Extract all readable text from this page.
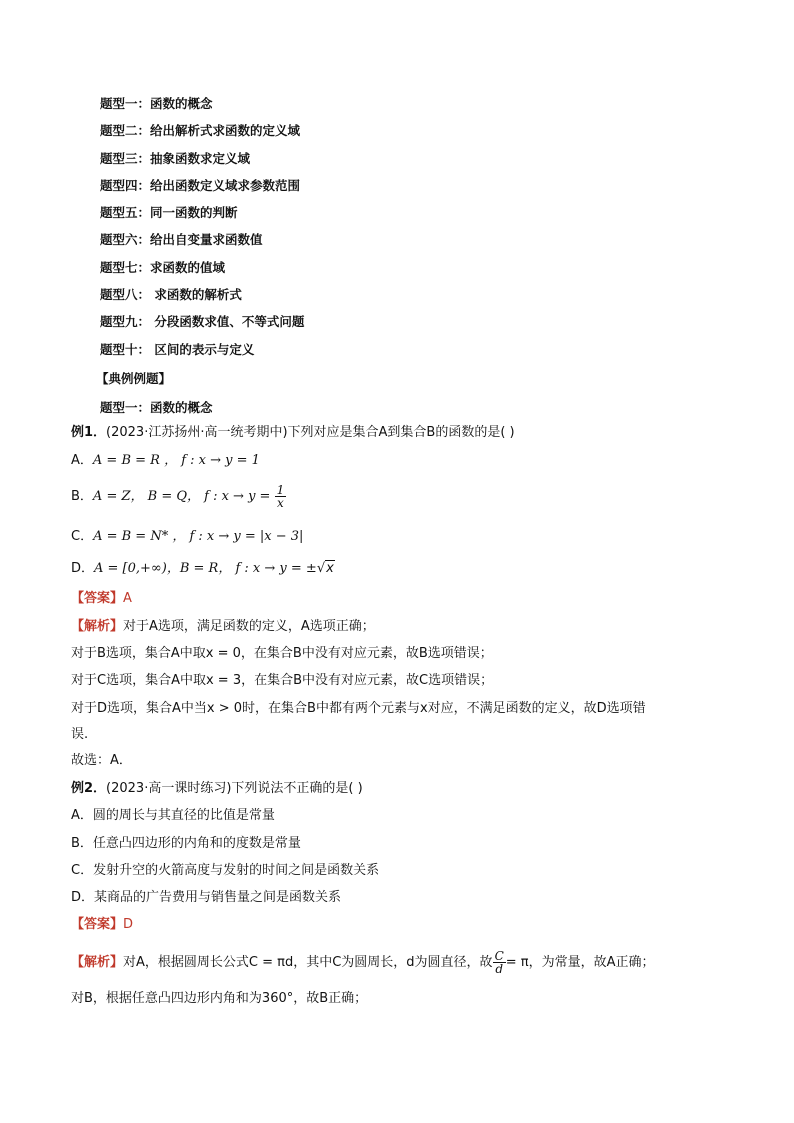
题型一：函数的概念
题型二：给出解析式求函数的定义域
题型三：抽象函数求定义域
题型四：给出函数定义域求参数范围
题型五：同一函数的判断
题型六：给出自变量求函数值
题型七：求函数的值域
题型八： 求函数的解析式
题型九： 分段函数求值、不等式问题
题型十： 区间的表示与定义
【典例例题】
题型一：函数的概念
例1．(2023·江苏扬州·高一统考期中)下列对应是集合A到集合B的函数的是( )
A．A = B = R ， f : x → y = 1
B．A = Z， B = Q， f : $x \to y = \frac{1}{x}$
C．A = B = N* ， f : x → y = |x − 3|
D．A = [0,+∞)，B = R， f : x → y = ±√x
【答案】A
【解析】对于A选项，满足函数的定义，A选项正确；
对于B选项，集合A中取x = 0，在集合B中没有对应元素，故B选项错误；
对于C选项，集合A中取x = 3，在集合B中没有对应元素，故C选项错误；
对于D选项，集合A中当x > 0时，在集合B中都有两个元素与x对应，不满足函数的定义，故D选项错
误.
故选：A．
例2．(2023·高一课时练习)下列说法不正确的是( )
A．圆的周长与其直径的比值是常量
B．任意凸四边形的内角和的度数是常量
C．发射升空的火箭高度与发射的时间之间是函数关系
D．某商品的广告费用与销售量之间是函数关系
【答案】D
【解析】对A，根据圆周长公式C = πd，其中C为圆周长，d为圆直径，故 $\frac{C}{d} = \pi$，为常量，故A正确；
对B，根据任意凸四边形内角和为360°，故B正确；
